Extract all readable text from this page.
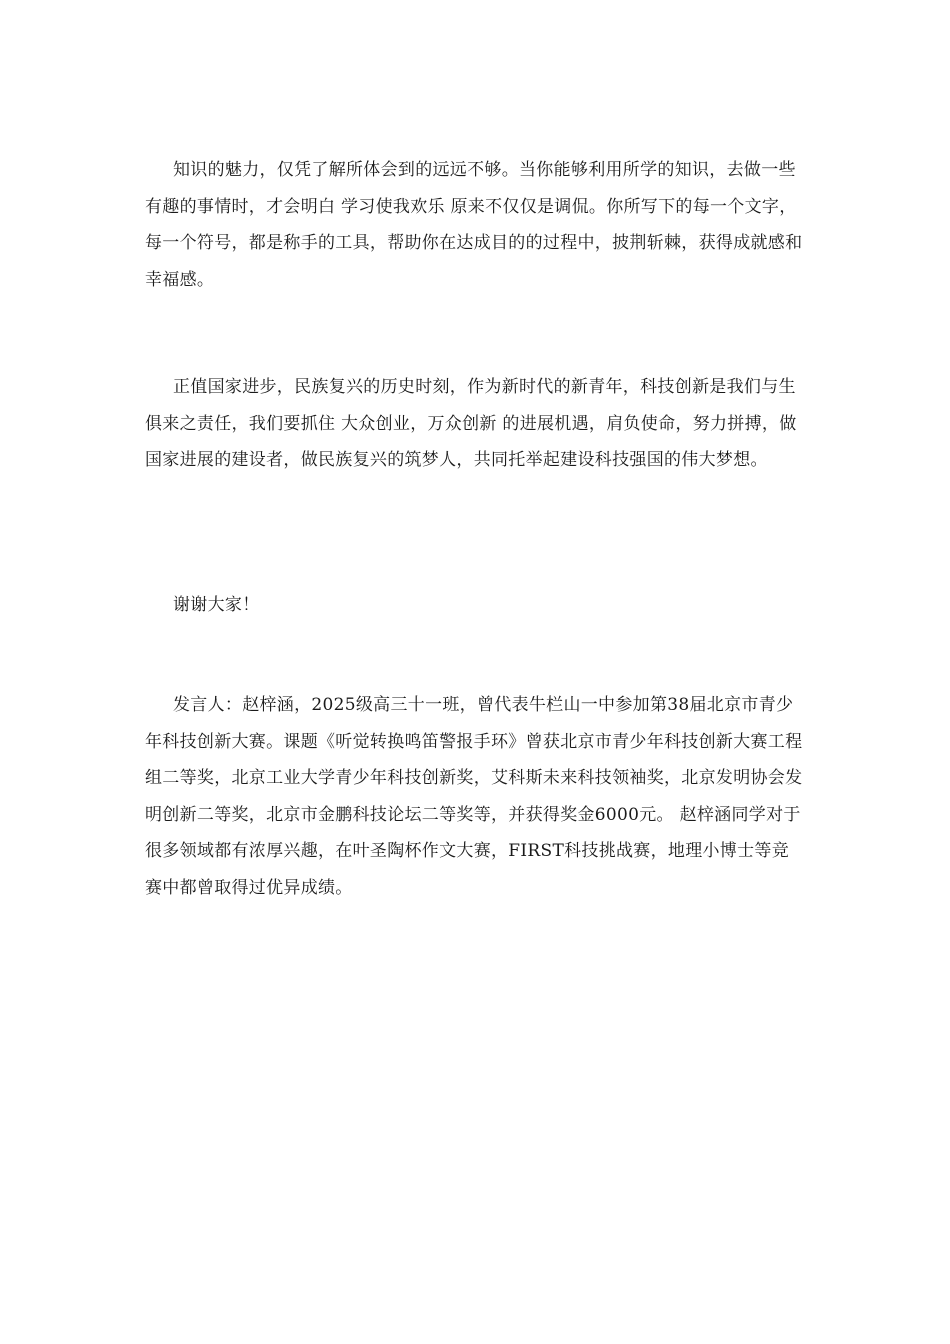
知识的魅力，仅凭了解所体会到的远远不够。当你能够利用所学的知识，去做一些有趣的事情时，才会明白 学习使我欢乐 原来不仅仅是调侃。你所写下的每一个文字，每一个符号，都是称手的工具，帮助你在达成目的的过程中，披荆斩棘，获得成就感和幸福感。

正值国家进步，民族复兴的历史时刻，作为新时代的新青年，科技创新是我们与生俱来之责任，我们要抓住 大众创业，万众创新 的进展机遇，肩负使命，努力拼搏，做国家进展的建设者，做民族复兴的筑梦人，共同托举起建设科技强国的伟大梦想。

谢谢大家！

发言人：赵梓涵，2025级高三十一班，曾代表牛栏山一中参加第38届北京市青少年科技创新大赛。课题《听觉转换鸣笛警报手环》曾获北京市青少年科技创新大赛工程组二等奖，北京工业大学青少年科技创新奖，艾科斯未来科技领袖奖，北京发明协会发明创新二等奖，北京市金鹏科技论坛二等奖等，并获得奖金6000元。 赵梓涵同学对于很多领域都有浓厚兴趣，在叶圣陶杯作文大赛，FIRST科技挑战赛，地理小博士等竞赛中都曾取得过优异成绩。
